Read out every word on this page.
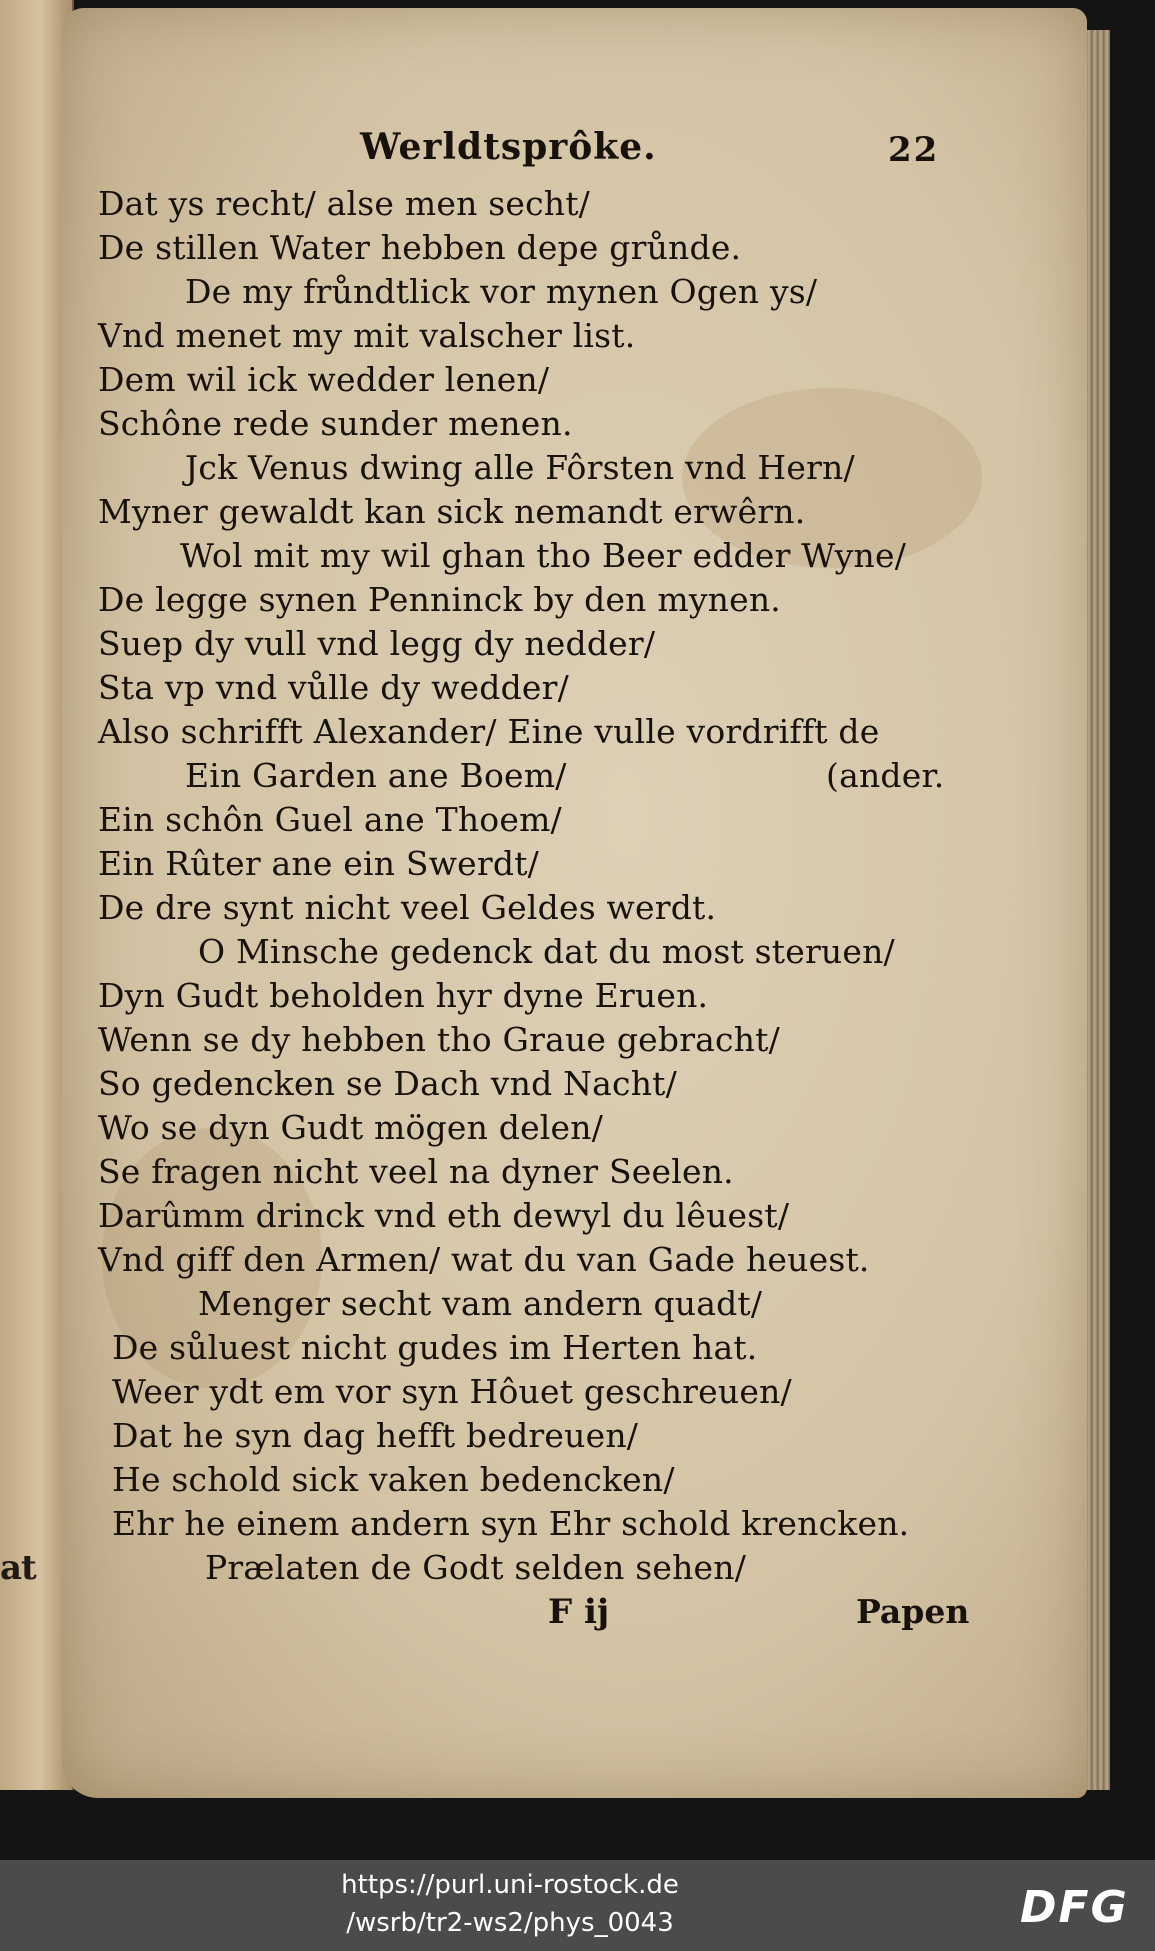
at
Werldtsprôke.	22
Dat ys recht/ alse men secht/
De stillen Water hebben depe grůnde.
De my frůndtlick vor mynen Ogen ys/
Vnd menet my mit valscher list.
Dem wil ick wedder lenen/
Schône rede sunder menen.
Jck Venus dwing alle Fôrsten vnd Hern/
Myner gewaldt kan sick nemandt erwêrn.
Wol mit my wil ghan tho Beer edder Wyne/
De legge synen Penninck by den mynen.
Suep dy vull vnd legg dy nedder/
Sta vp vnd vůlle dy wedder/
Also schrifft Alexander/ Eine vulle vordrifft de
Ein Garden ane Boem/	(ander.
Ein schôn Guel ane Thoem/
Ein Rûter ane ein Swerdt/
De dre synt nicht veel Geldes werdt.
O Minsche gedenck dat du most steruen/
Dyn Gudt beholden hyr dyne Eruen.
Wenn se dy hebben tho Graue gebracht/
So gedencken se Dach vnd Nacht/
Wo se dyn Gudt mögen delen/
Se fragen nicht veel na dyner Seelen.
Darûmm drinck vnd eth dewyl du lêuest/
Vnd giff den Armen/ wat du van Gade heuest.
Menger secht vam andern quadt/
De sůluest nicht gudes im Herten hat.
Weer ydt em vor syn Hôuet geschreuen/
Dat he syn dag hefft bedreuen/
He schold sick vaken bedencken/
Ehr he einem andern syn Ehr schold krencken.
Prælaten de Godt selden sehen/
F ij	Papen
https://purl.uni-rostock.de
/wsrb/tr2-ws2/phys_0043	DFG
